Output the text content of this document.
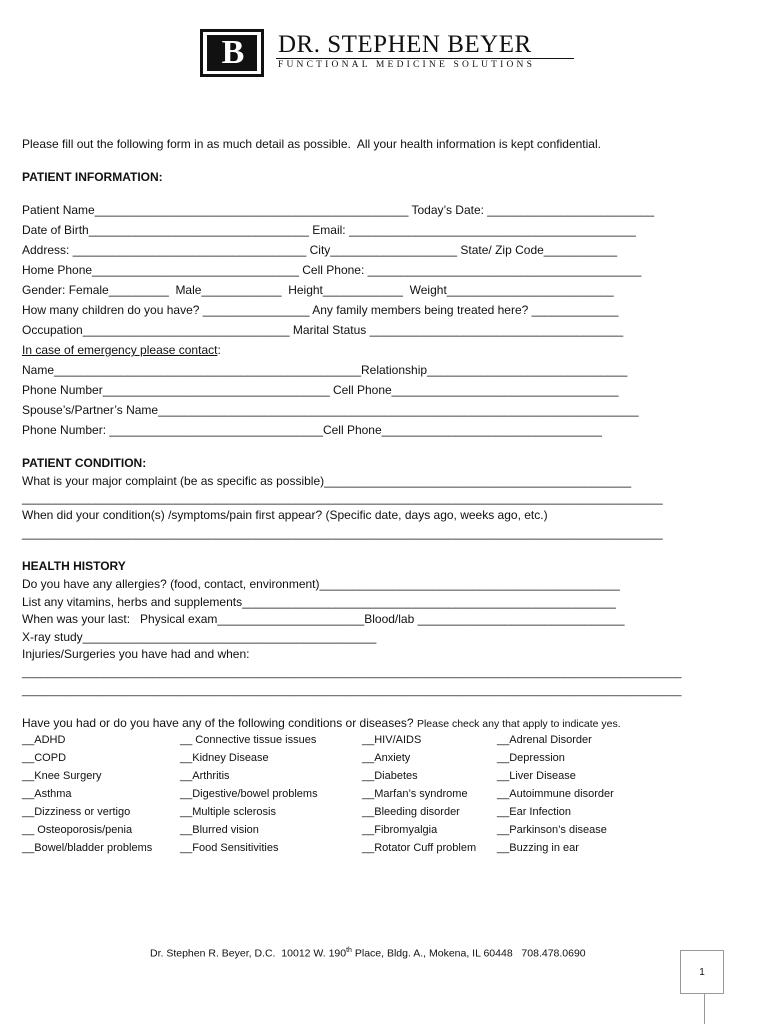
B	DR. STEPHEN BEYER
FUNCTIONAL MEDICINE SOLUTIONS
Please fill out the following form in as much detail as possible.  All your health information is kept confidential.
PATIENT INFORMATION:
Patient Name_______________________________________________ Today’s Date: _________________________
Date of Birth_________________________________ Email: ___________________________________________
Address: ___________________________________ City___________________ State/ Zip Code___________
Home Phone_______________________________ Cell Phone: _________________________________________
Gender: Female_________  Male____________  Height____________  Weight_________________________
How many children do you have? ________________ Any family members being treated here? _____________
Occupation_______________________________ Marital Status ______________________________________
In case of emergency please contact:
Name______________________________________________Relationship______________________________
Phone Number__________________________________ Cell Phone__________________________________
Spouse’s/Partner’s Name________________________________________________________________________
Phone Number: ________________________________Cell Phone_________________________________
PATIENT CONDITION:
What is your major complaint (be as specific as possible)______________________________________________
________________________________________________________________________________________________
When did your condition(s) /symptoms/pain first appear? (Specific date, days ago, weeks ago, etc.)
________________________________________________________________________________________________
HEALTH HISTORY
Do you have any allergies? (food, contact, environment)_____________________________________________
List any vitamins, herbs and supplements________________________________________________________
When was your last:   Physical exam______________________Blood/lab _______________________________
X-ray study____________________________________________
Injuries/Surgeries you have had and when:
__________________________________________________________________________________________________________
__________________________________________________________________________________________________________
Have you had or do you have any of the following conditions or diseases? Please check any that apply to indicate yes.
__ADHD
__COPD
__Knee Surgery
__Asthma
__Dizziness or vertigo
__ Osteoporosis/penia
__Bowel/bladder problems
__ Connective tissue issues
__Kidney Disease
__Arthritis
__Digestive/bowel problems
__Multiple sclerosis
__Blurred vision
__Food Sensitivities
__HIV/AIDS
__Anxiety
__Diabetes
__Marfan’s syndrome
__Bleeding disorder
__Fibromyalgia
__Rotator Cuff problem
__Adrenal Disorder
__Depression
__Liver Disease
__Autoimmune disorder
__Ear Infection
__Parkinson’s disease
__Buzzing in ear
Dr. Stephen R. Beyer, D.C.  10012 W. 190th Place, Bldg. A., Mokena, IL 60448   708.478.0690
1
